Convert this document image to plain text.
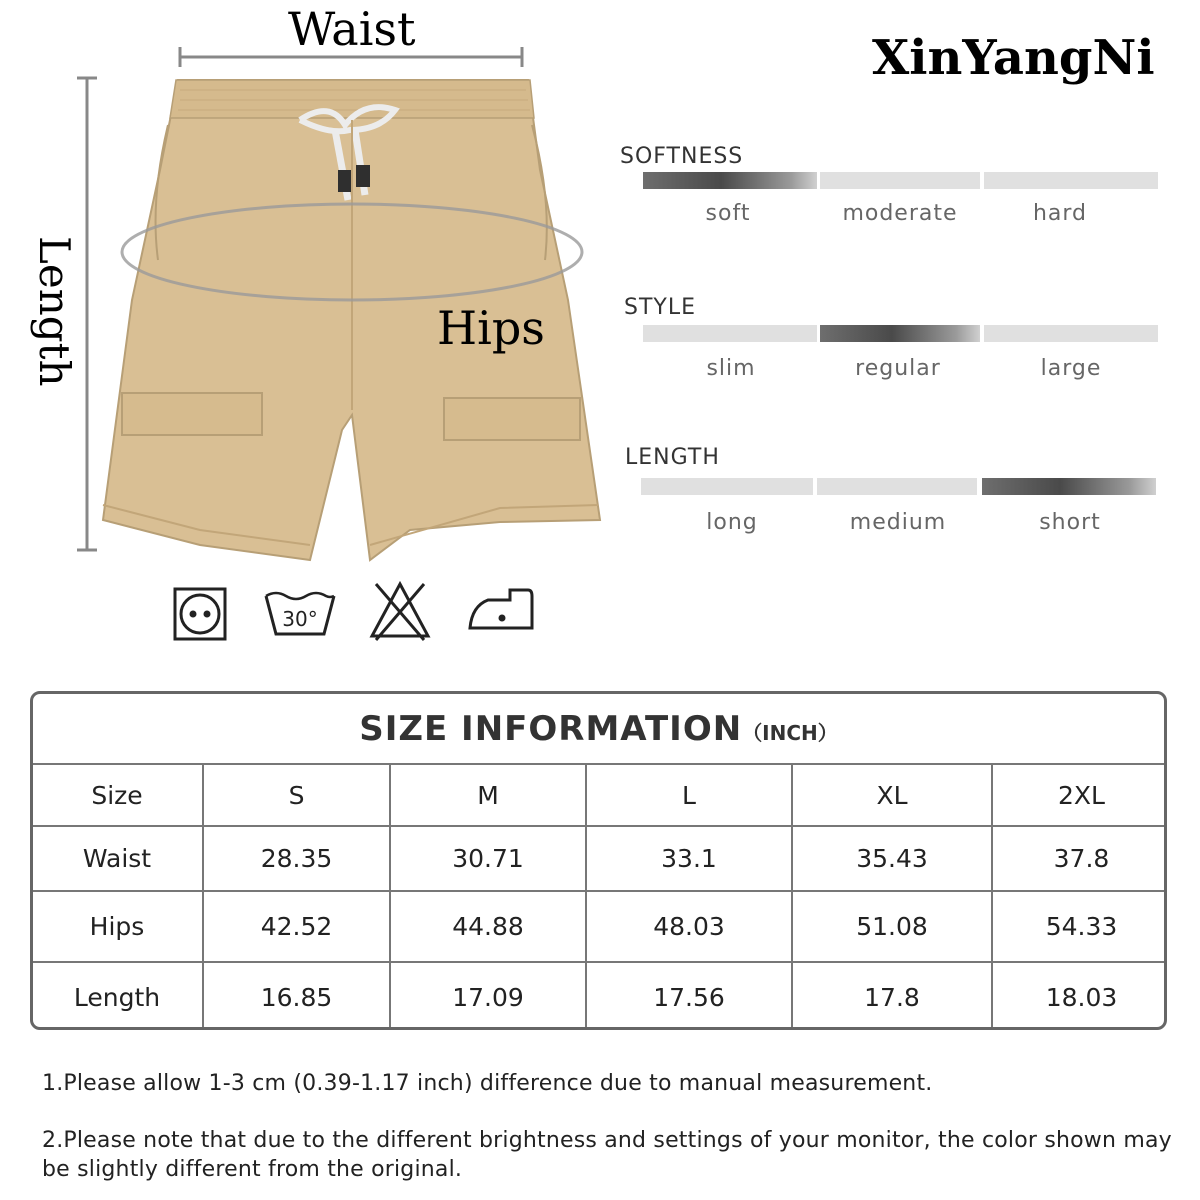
Waist
Length	Hips
XinYangNi
SOFTNESS
soft	moderate	hard
STYLE
slim	regular	large
LENGTH
long	medium	short
30°
SIZE INFORMATION（INCH）
Size	S	M	L	XL	2XL
Waist	28.35	30.71	33.1	35.43	37.8
Hips	42.52	44.88	48.03	51.08	54.33
Length	16.85	17.09	17.56	17.8	18.03
1.Please allow 1-3 cm (0.39-1.17 inch) difference due to manual measurement.
2.Please note that due to the different brightness and settings of your monitor, the color shown may be slightly different from the original.
